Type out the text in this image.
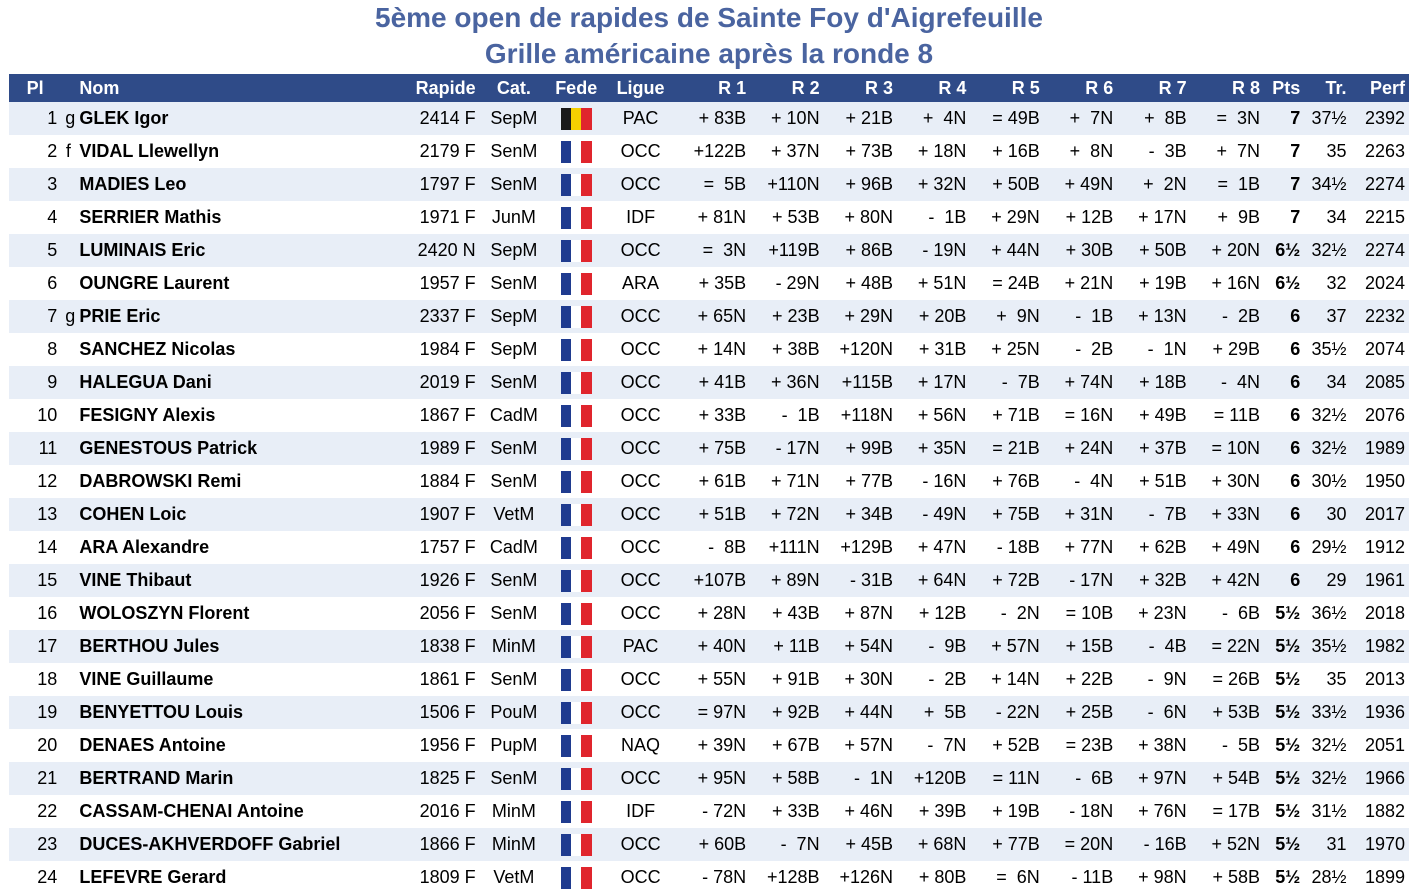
5ème open de rapides de Sainte Foy d'Aigrefeuille
Grille américaine après la ronde 8
Pl		Nom	Rapide	Cat.	Fede	Ligue	R 1	R 2	R 3	R 4	R 5	R 6	R 7	R 8	Pts	Tr.	Perf
1	g	GLEK Igor	2414 F	SepM		PAC	+ 83B	+ 10N	+ 21B	+  4N	= 49B	+  7N	+  8B	=  3N	7	37½	2392
2	f	VIDAL Llewellyn	2179 F	SenM		OCC	+122B	+ 37N	+ 73B	+ 18N	+ 16B	+  8N	-  3B	+  7N	7	35	2263
3		MADIES Leo	1797 F	SenM		OCC	=  5B	+110N	+ 96B	+ 32N	+ 50B	+ 49N	+  2N	=  1B	7	34½	2274
4		SERRIER Mathis	1971 F	JunM		IDF	+ 81N	+ 53B	+ 80N	-  1B	+ 29N	+ 12B	+ 17N	+  9B	7	34	2215
5		LUMINAIS Eric	2420 N	SepM		OCC	=  3N	+119B	+ 86B	- 19N	+ 44N	+ 30B	+ 50B	+ 20N	6½	32½	2274
6		OUNGRE Laurent	1957 F	SenM		ARA	+ 35B	- 29N	+ 48B	+ 51N	= 24B	+ 21N	+ 19B	+ 16N	6½	32	2024
7	g	PRIE Eric	2337 F	SepM		OCC	+ 65N	+ 23B	+ 29N	+ 20B	+  9N	-  1B	+ 13N	-  2B	6	37	2232
8		SANCHEZ Nicolas	1984 F	SepM		OCC	+ 14N	+ 38B	+120N	+ 31B	+ 25N	-  2B	-  1N	+ 29B	6	35½	2074
9		HALEGUA Dani	2019 F	SenM		OCC	+ 41B	+ 36N	+115B	+ 17N	-  7B	+ 74N	+ 18B	-  4N	6	34	2085
10		FESIGNY Alexis	1867 F	CadM		OCC	+ 33B	-  1B	+118N	+ 56N	+ 71B	= 16N	+ 49B	= 11B	6	32½	2076
11		GENESTOUS Patrick	1989 F	SenM		OCC	+ 75B	- 17N	+ 99B	+ 35N	= 21B	+ 24N	+ 37B	= 10N	6	32½	1989
12		DABROWSKI Remi	1884 F	SenM		OCC	+ 61B	+ 71N	+ 77B	- 16N	+ 76B	-  4N	+ 51B	+ 30N	6	30½	1950
13		COHEN Loic	1907 F	VetM		OCC	+ 51B	+ 72N	+ 34B	- 49N	+ 75B	+ 31N	-  7B	+ 33N	6	30	2017
14		ARA Alexandre	1757 F	CadM		OCC	-  8B	+111N	+129B	+ 47N	- 18B	+ 77N	+ 62B	+ 49N	6	29½	1912
15		VINE Thibaut	1926 F	SenM		OCC	+107B	+ 89N	- 31B	+ 64N	+ 72B	- 17N	+ 32B	+ 42N	6	29	1961
16		WOLOSZYN Florent	2056 F	SenM		OCC	+ 28N	+ 43B	+ 87N	+ 12B	-  2N	= 10B	+ 23N	-  6B	5½	36½	2018
17		BERTHOU Jules	1838 F	MinM		PAC	+ 40N	+ 11B	+ 54N	-  9B	+ 57N	+ 15B	-  4B	= 22N	5½	35½	1982
18		VINE Guillaume	1861 F	SenM		OCC	+ 55N	+ 91B	+ 30N	-  2B	+ 14N	+ 22B	-  9N	= 26B	5½	35	2013
19		BENYETTOU Louis	1506 F	PouM		OCC	= 97N	+ 92B	+ 44N	+  5B	- 22N	+ 25B	-  6N	+ 53B	5½	33½	1936
20		DENAES Antoine	1956 F	PupM		NAQ	+ 39N	+ 67B	+ 57N	-  7N	+ 52B	= 23B	+ 38N	-  5B	5½	32½	2051
21		BERTRAND Marin	1825 F	SenM		OCC	+ 95N	+ 58B	-  1N	+120B	= 11N	-  6B	+ 97N	+ 54B	5½	32½	1966
22		CASSAM-CHENAI Antoine	2016 F	MinM		IDF	- 72N	+ 33B	+ 46N	+ 39B	+ 19B	- 18N	+ 76N	= 17B	5½	31½	1882
23		DUCES-AKHVERDOFF Gabriel	1866 F	MinM		OCC	+ 60B	-  7N	+ 45B	+ 68N	+ 77B	= 20N	- 16B	+ 52N	5½	31	1970
24		LEFEVRE Gerard	1809 F	VetM		OCC	- 78N	+128B	+126N	+ 80B	=  6N	- 11B	+ 98N	+ 58B	5½	28½	1899
